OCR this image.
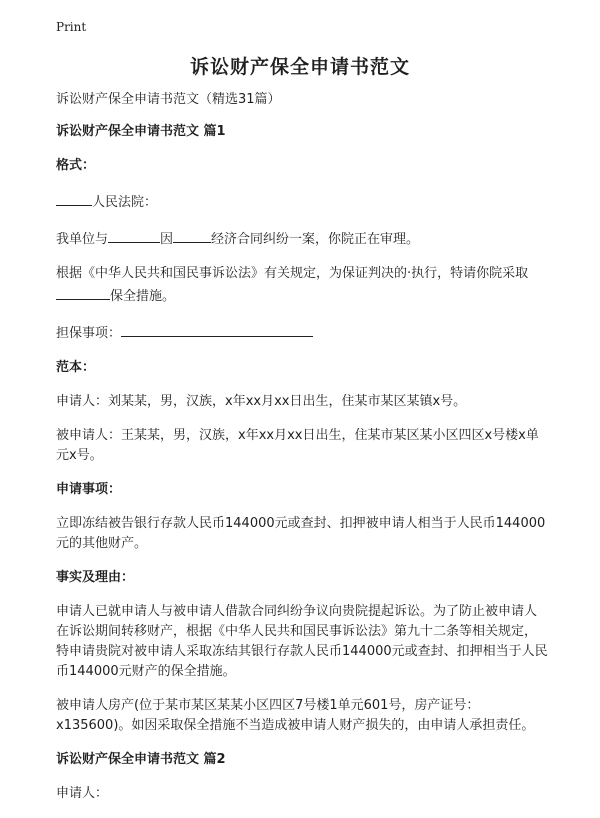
Print
诉讼财产保全申请书范文

诉讼财产保全申请书范文（精选31篇）

诉讼财产保全申请书范文 篇1

格式：

人民法院：

我单位与	因	经济合同纠纷一案，你院正在审理。

根据《中华人民共和国民事诉讼法》有关规定，为保证判决的·执行，特请你院采取保全措施。

担保事项：

范本：

申请人：刘某某，男，汉族，x年xx月xx日出生，住某市某区某镇x号。

被申请人：王某某，男，汉族，x年xx月xx日出生，住某市某区某小区四区x号楼x单元x号。

申请事项：

立即冻结被告银行存款人民币144000元或查封、扣押被申请人相当于人民币144000元的其他财产。

事实及理由：

申请人已就申请人与被申请人借款合同纠纷争议向贵院提起诉讼。为了防止被申请人在诉讼期间转移财产，根据《中华人民共和国民事诉讼法》第九十二条等相关规定，特申请贵院对被申请人采取冻结其银行存款人民币144000元或查封、扣押相当于人民币144000元财产的保全措施。

被申请人房产(位于某市某区某某小区四区7号楼1单元601号，房产证号：x135600)。如因采取保全措施不当造成被申请人财产损失的，由申请人承担责任。

诉讼财产保全申请书范文 篇2

申请人：
